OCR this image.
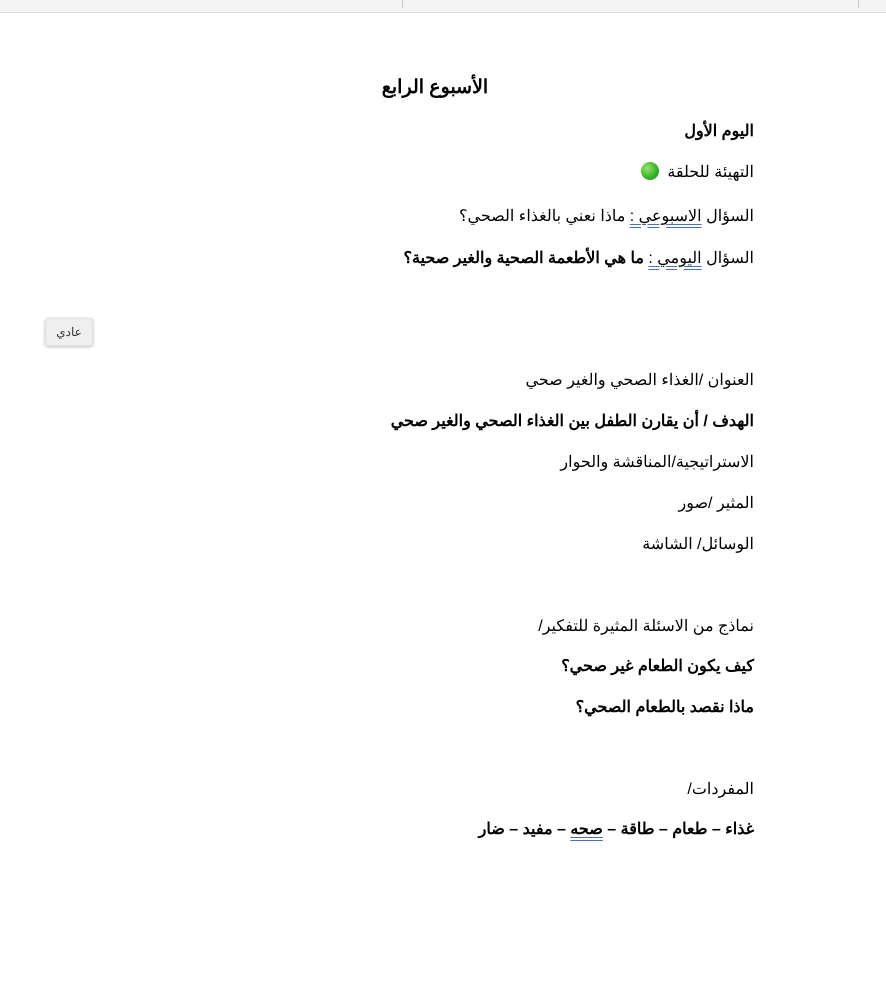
الأسبوع الرابع
اليوم الأول
التهيئة للحلقة
السؤال الاسبوعي : ماذا نعني بالغذاء الصحي؟
السؤال اليومي : ما هي الأطعمة الصحية والغير صحية؟
عادي
العنوان /الغذاء الصحي والغير صحي
الهدف / أن يقارن الطفل بين الغذاء الصحي والغير صحي
الاستراتيجية/المناقشة والحوار
المثير /صور
الوسائل/ الشاشة
نماذج من الاسئلة المثيرة للتفكير/
كيف يكون الطعام غير صحي؟
ماذا نقصد بالطعام الصحي؟
المفردات/
غذاء – طعام – طاقة – صحه – مفيد – ضار
